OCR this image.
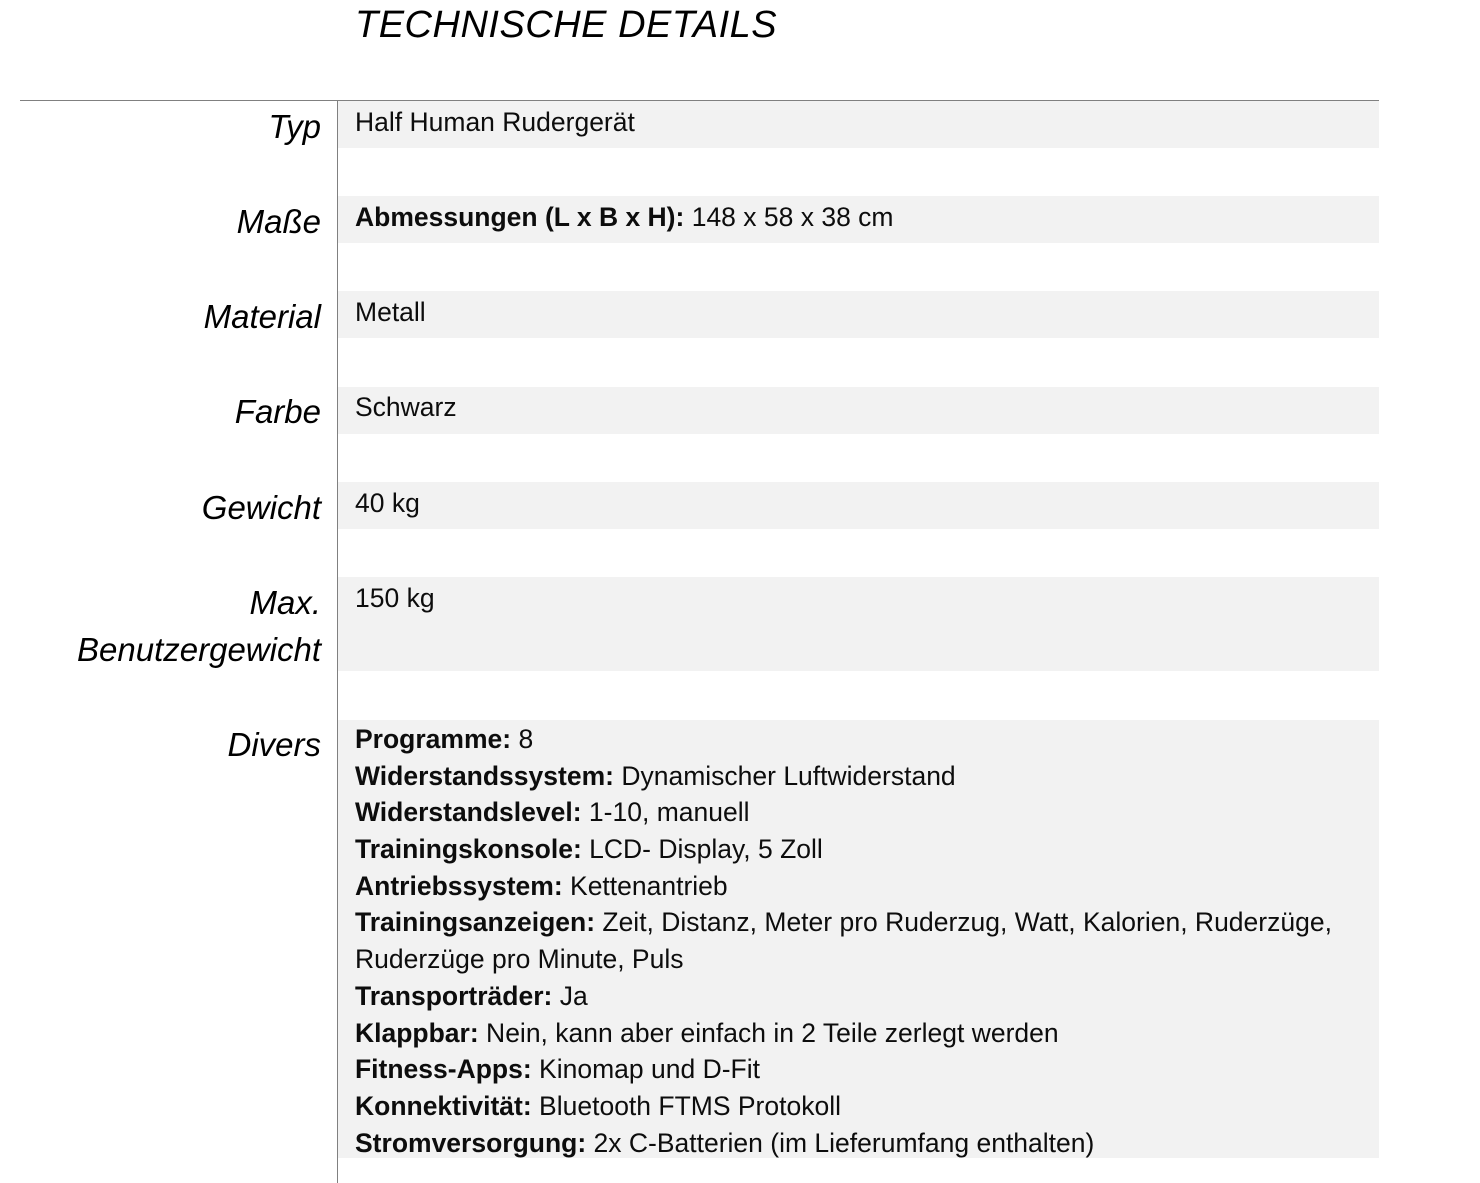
TECHNISCHE DETAILS
Typ Half Human Rudergerät
Maße Abmessungen (L x B x H): 148 x 58 x 38 cm
Material Metall
Farbe Schwarz
Gewicht 40 kg
Max.
Benutzergewicht
150 kg
Divers Programme: 8
Widerstandssystem: Dynamischer Luftwiderstand
Widerstandslevel: 1-10, manuell
Trainingskonsole: LCD- Display, 5 Zoll
Antriebssystem: Kettenantrieb
Trainingsanzeigen: Zeit, Distanz, Meter pro Ruderzug, Watt, Kalorien, Ruderzüge,
Ruderzüge pro Minute, Puls
Transporträder: Ja
Klappbar: Nein, kann aber einfach in 2 Teile zerlegt werden
Fitness-Apps: Kinomap und D-Fit
Konnektivität: Bluetooth FTMS Protokoll
Stromversorgung: 2x C-Batterien (im Lieferumfang enthalten)
